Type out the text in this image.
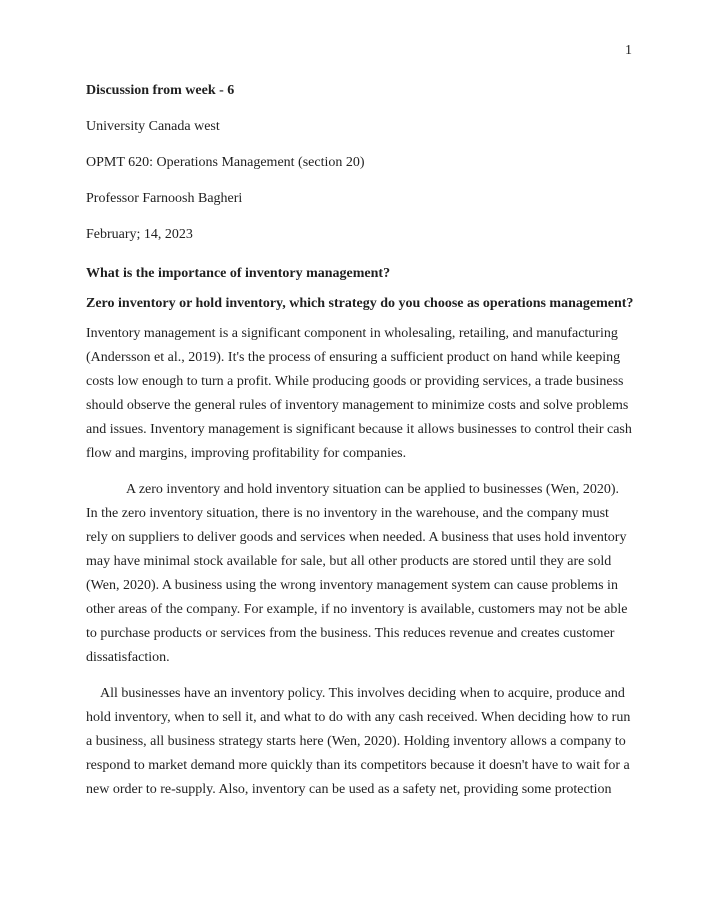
1

Discussion from week - 6

University Canada west

OPMT 620: Operations Management (section 20)

Professor Farnoosh Bagheri

February; 14, 2023

What is the importance of inventory management?

Zero inventory or hold inventory, which strategy do you choose as operations management?

Inventory management is a significant component in wholesaling, retailing, and manufacturing (Andersson et al., 2019). It's the process of ensuring a sufficient product on hand while keeping costs low enough to turn a profit. While producing goods or providing services, a trade business should observe the general rules of inventory management to minimize costs and solve problems and issues. Inventory management is significant because it allows businesses to control their cash flow and margins, improving profitability for companies.

A zero inventory and hold inventory situation can be applied to businesses (Wen, 2020). In the zero inventory situation, there is no inventory in the warehouse, and the company must rely on suppliers to deliver goods and services when needed. A business that uses hold inventory may have minimal stock available for sale, but all other products are stored until they are sold (Wen, 2020). A business using the wrong inventory management system can cause problems in other areas of the company. For example, if no inventory is available, customers may not be able to purchase products or services from the business. This reduces revenue and creates customer dissatisfaction.

All businesses have an inventory policy. This involves deciding when to acquire, produce and hold inventory, when to sell it, and what to do with any cash received. When deciding how to run a business, all business strategy starts here (Wen, 2020). Holding inventory allows a company to respond to market demand more quickly than its competitors because it doesn't have to wait for a new order to re-supply. Also, inventory can be used as a safety net, providing some protection
